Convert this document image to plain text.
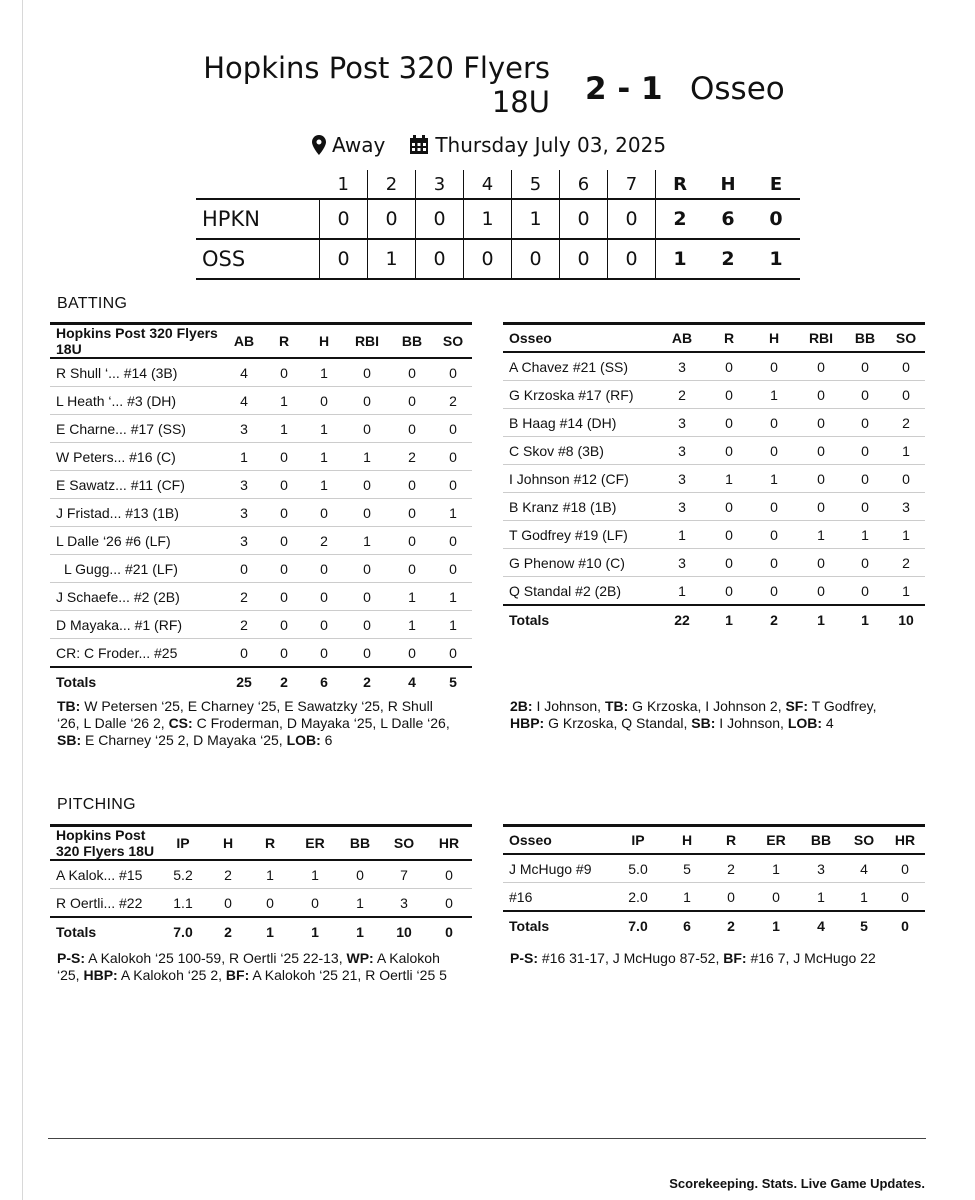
Hopkins Post 320 Flyers 18U 2 - 1 Osseo
Away	Thursday July 03, 2025
	1	2	3	4	5	6	7	R	H	E
HPKN	0	0	0	1	1	0	0	2	6	0
OSS	0	1	0	0	0	0	0	1	2	1
BATTING
Hopkins Post 320 Flyers 18U	AB	R	H	RBI	BB	SO
R Shull ‘... #14 (3B)	4	0	1	0	0	0
L Heath ‘... #3 (DH)	4	1	0	0	0	2
E Charne... #17 (SS)	3	1	1	0	0	0
W Peters... #16 (C)	1	0	1	1	2	0
E Sawatz... #11 (CF)	3	0	1	0	0	0
J Fristad... #13 (1B)	3	0	0	0	0	1
L Dalle ‘26 #6 (LF)	3	0	2	1	0	0
L Gugg... #21 (LF)	0	0	0	0	0	0
J Schaefe... #2 (2B)	2	0	0	0	1	1
D Mayaka... #1 (RF)	2	0	0	0	1	1
CR: C Froder... #25	0	0	0	0	0	0
Totals	25	2	6	2	4	5
Osseo	AB	R	H	RBI	BB	SO
A Chavez #21 (SS)	3	0	0	0	0	0
G Krzoska #17 (RF)	2	0	1	0	0	0
B Haag #14 (DH)	3	0	0	0	0	2
C Skov #8 (3B)	3	0	0	0	0	1
I Johnson #12 (CF)	3	1	1	0	0	0
B Kranz #18 (1B)	3	0	0	0	0	3
T Godfrey #19 (LF)	1	0	0	1	1	1
G Phenow #10 (C)	3	0	0	0	0	2
Q Standal #2 (2B)	1	0	0	0	0	1
Totals	22	1	2	1	1	10
TB: W Petersen ‘25, E Charney ‘25, E Sawatzky ‘25, R Shull ‘26, L Dalle ‘26 2, CS: C Froderman, D Mayaka ‘25, L Dalle ‘26, SB: E Charney ‘25 2, D Mayaka ‘25, LOB: 6
2B: I Johnson, TB: G Krzoska, I Johnson 2, SF: T Godfrey, HBP: G Krzoska, Q Standal, SB: I Johnson, LOB: 4
PITCHING
Hopkins Post 320 Flyers 18U	IP	H	R	ER	BB	SO	HR
A Kalok... #15	5.2	2	1	1	0	7	0
R Oertli... #22	1.1	0	0	0	1	3	0
Totals	7.0	2	1	1	1	10	0
Osseo	IP	H	R	ER	BB	SO	HR
J McHugo #9	5.0	5	2	1	3	4	0
#16	2.0	1	0	0	1	1	0
Totals	7.0	6	2	1	4	5	0
P-S: A Kalokoh ‘25 100-59, R Oertli ‘25 22-13, WP: A Kalokoh ‘25, HBP: A Kalokoh ‘25 2, BF: A Kalokoh ‘25 21, R Oertli ‘25 5
P-S: #16 31-17, J McHugo 87-52, BF: #16 7, J McHugo 22
Scorekeeping. Stats. Live Game Updates.
